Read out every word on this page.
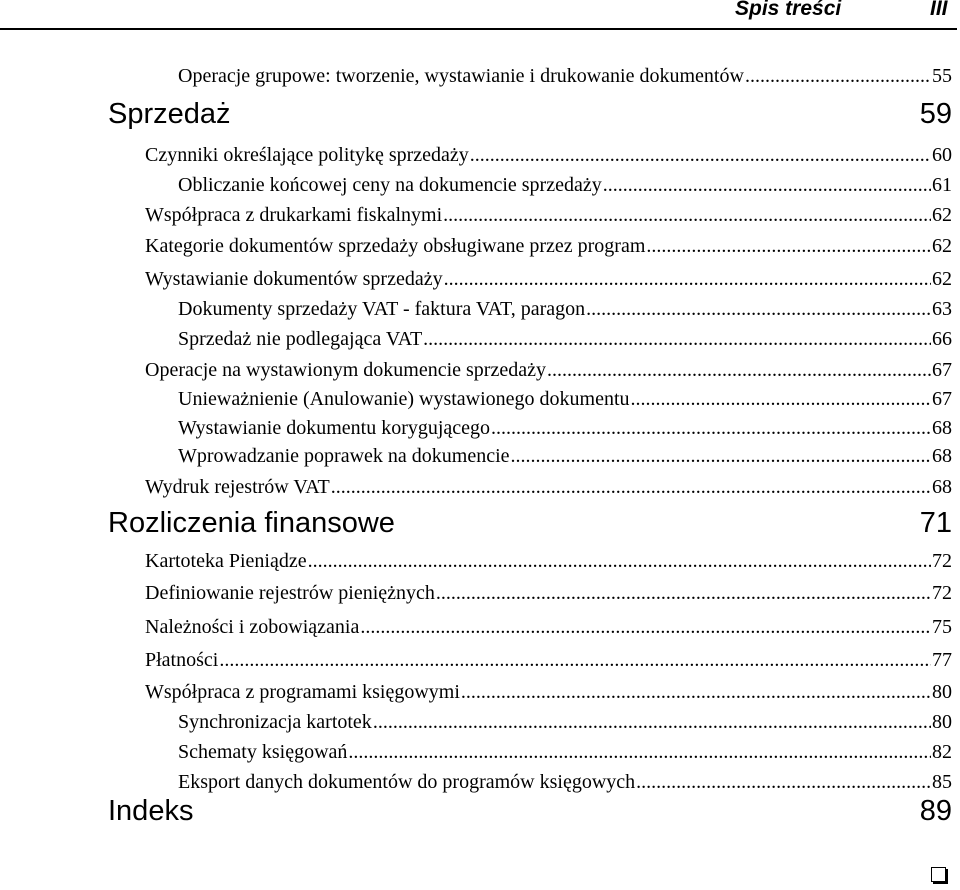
Spis treści	III
Operacje grupowe: tworzenie, wystawianie i drukowanie dokumentów .....	55
Sprzedaż	59
Czynniki określające politykę sprzedaży .....	60
Obliczanie końcowej ceny na dokumencie sprzedaży .....	61
Współpraca z drukarkami fiskalnymi .....	62
Kategorie dokumentów sprzedaży obsługiwane przez program .....	62
Wystawianie dokumentów sprzedaży .....	62
Dokumenty sprzedaży VAT - faktura VAT, paragon .....	63
Sprzedaż nie podlegająca VAT .....	66
Operacje na wystawionym dokumencie sprzedaży .....	67
Unieważnienie (Anulowanie) wystawionego dokumentu .....	67
Wystawianie dokumentu korygującego .....	68
Wprowadzanie poprawek na dokumencie .....	68
Wydruk rejestrów VAT .....	68
Rozliczenia finansowe	71
Kartoteka Pieniądze .....	72
Definiowanie rejestrów pieniężnych .....	72
Należności i zobowiązania .....	75
Płatności .....	77
Współpraca z programami księgowymi .....	80
Synchronizacja kartotek .....	80
Schematy księgowań .....	82
Eksport danych dokumentów do programów księgowych .....	85
Indeks	89
